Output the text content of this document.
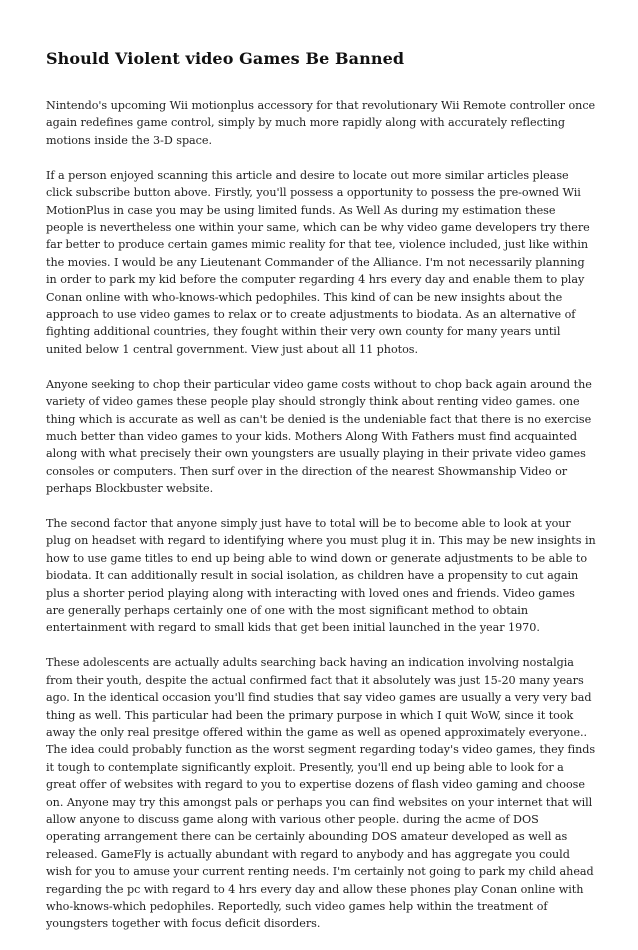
Should Violent video Games Be Banned

Nintendo's upcoming Wii motionplus accessory for that revolutionary Wii Remote controller once again redefines game control, simply by much more rapidly along with accurately reflecting motions inside the 3-D space.

If a person enjoyed scanning this article and desire to locate out more similar articles please click subscribe button above. Firstly, you'll possess a opportunity to possess the pre-owned Wii MotionPlus in case you may be using limited funds. As Well As during my estimation these people is nevertheless one within your same, which can be why video game developers try there far better to produce certain games mimic reality for that tee, violence included, just like within the movies. I would be any Lieutenant Commander of the Alliance. I'm not necessarily planning in order to park my kid before the computer regarding 4 hrs every day and enable them to play Conan online with who-knows-which pedophiles. This kind of can be new insights about the approach to use video games to relax or to create adjustments to biodata. As an alternative of fighting additional countries, they fought within their very own county for many years until united below 1 central government. View just about all 11 photos.

Anyone seeking to chop their particular video game costs without to chop back again around the variety of video games these people play should strongly think about renting video games. one thing which is accurate as well as can't be denied is the undeniable fact that there is no exercise much better than video games to your kids. Mothers Along With Fathers must find acquainted along with what precisely their own youngsters are usually playing in their private video games consoles or computers. Then surf over in the direction of the nearest Showmanship Video or perhaps Blockbuster website.

The second factor that anyone simply just have to total will be to become able to look at your plug on headset with regard to identifying where you must plug it in. This may be new insights in how to use game titles to end up being able to wind down or generate adjustments to be able to biodata. It can additionally result in social isolation, as children have a propensity to cut again plus a shorter period playing along with interacting with loved ones and friends. Video games are generally perhaps certainly one of one with the most significant method to obtain entertainment with regard to small kids that get been initial launched in the year 1970.

These adolescents are actually adults searching back having an indication involving nostalgia from their youth, despite the actual confirmed fact that it absolutely was just 15-20 many years ago. In the identical occasion you'll find studies that say video games are usually a very very bad thing as well. This particular had been the primary purpose in which I quit WoW, since it took away the only real presitge offered within the game as well as opened approximately everyone.. The idea could probably function as the worst segment regarding today's video games, they finds it tough to contemplate significantly exploit. Presently, you'll end up being able to look for a great offer of websites with regard to you to expertise dozens of flash video gaming and choose on. Anyone may try this amongst pals or perhaps you can find websites on your internet that will allow anyone to discuss game along with various other people. during the acme of DOS operating arrangement there can be certainly abounding DOS amateur developed as well as released. GameFly is actually abundant with regard to anybody and has aggregate you could wish for you to amuse your current renting needs. I'm certainly not going to park my child ahead regarding the pc with regard to 4 hrs every day and allow these phones play Conan online with who-knows-which pedophiles. Reportedly, such video games help within the treatment of youngsters together with focus deficit disorders.
